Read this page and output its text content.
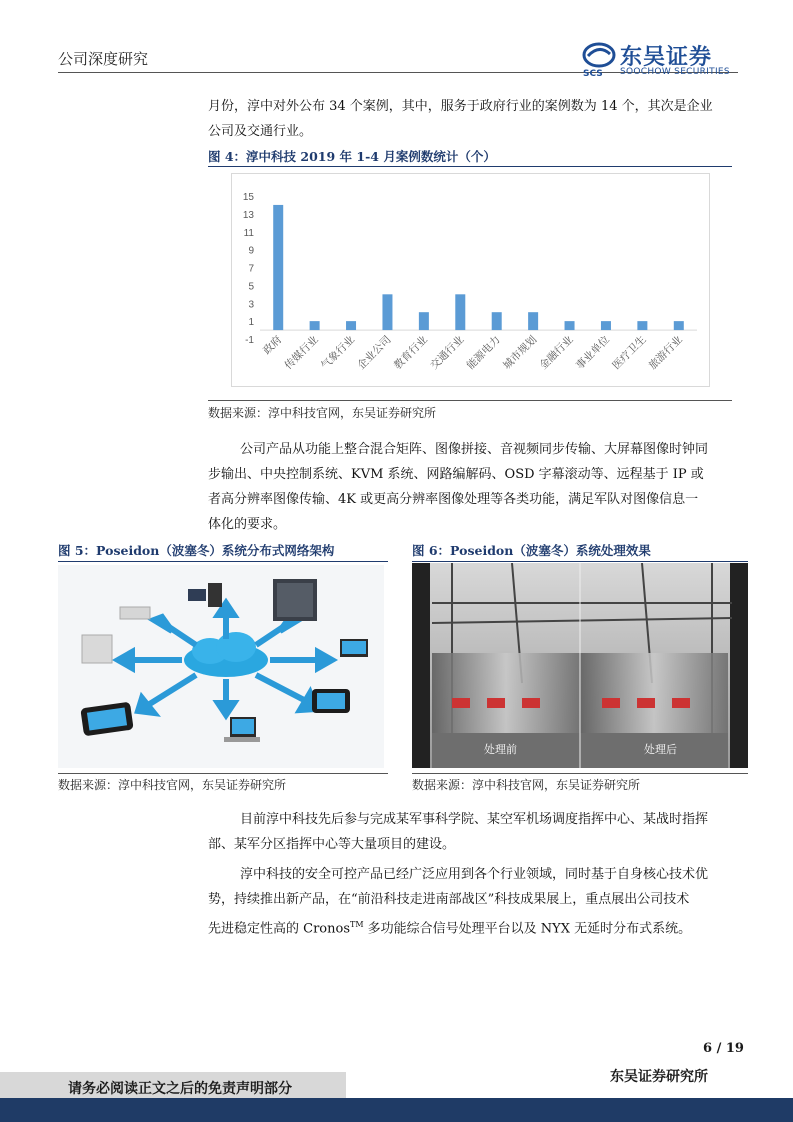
公司深度研究
SCS
东吴证券
SOOCHOW SECURITIES
月份，淳中对外公布 34 个案例，其中，服务于政府行业的案例数为 14 个，其次是企业
公司及交通行业。
图 4：淳中科技 2019 年 1-4 月案例数统计（个）
-1
1
3
5
7
9
11
13
15
政府
传媒行业
气象行业
企业公司
教育行业
交通行业
能源电力
城市规划
金融行业
事业单位
医疗卫生
旅游行业
数据来源：淳中科技官网，东吴证券研究所
公司产品从功能上整合混合矩阵、图像拼接、音视频同步传输、大屏幕图像时钟同
步输出、中央控制系统、KVM 系统、网路编解码、OSD 字幕滚动等、远程基于 IP 或
者高分辨率图像传输、4K 或更高分辨率图像处理等各类功能，满足军队对图像信息一
体化的要求。
图 5：Poseidon（波塞冬）系统分布式网络架构
数据来源：淳中科技官网，东吴证券研究所
图 6：Poseidon（波塞冬）系统处理效果
处理前	处理后
数据来源：淳中科技官网，东吴证券研究所
目前淳中科技先后参与完成某军事科学院、某空军机场调度指挥中心、某战时指挥
部、某军分区指挥中心等大量项目的建设。
淳中科技的安全可控产品已经广泛应用到各个行业领域，同时基于自身核心技术优
势，持续推出新产品，在“前沿科技走进南部战区”科技成果展上，重点展出公司技术
先进稳定性高的 Cronos™ 多功能综合信号处理平台以及 NYX 无延时分布式系统。
6 / 19
请务必阅读正文之后的免责声明部分
东吴证券研究所
